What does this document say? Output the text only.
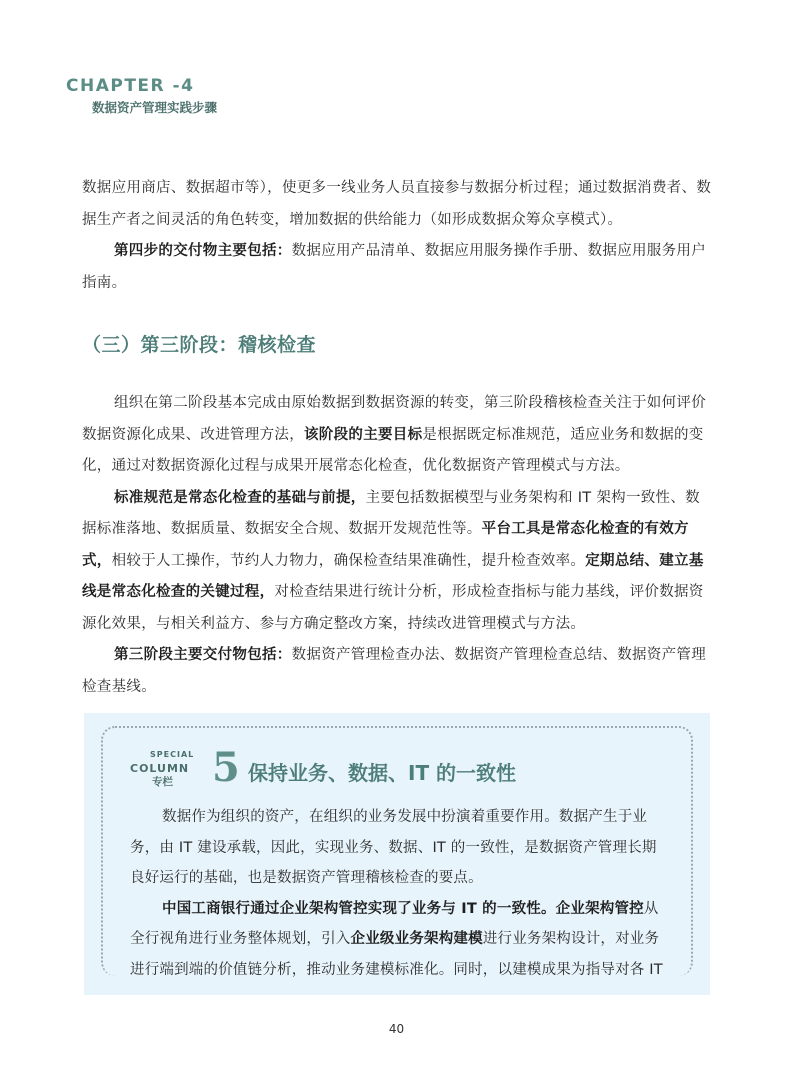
CHAPTER -4
数据资产管理实践步骤

数据应用商店、数据超市等），使更多一线业务人员直接参与数据分析过程；通过数据消费者、数据生产者之间灵活的角色转变，增加数据的供给能力（如形成数据众筹众享模式）。

第四步的交付物主要包括：数据应用产品清单、数据应用服务操作手册、数据应用服务用户指南。

（三）第三阶段：稽核检查

组织在第二阶段基本完成由原始数据到数据资源的转变，第三阶段稽核检查关注于如何评价数据资源化成果、改进管理方法，该阶段的主要目标是根据既定标准规范，适应业务和数据的变化，通过对数据资源化过程与成果开展常态化检查，优化数据资产管理模式与方法。

标准规范是常态化检查的基础与前提，主要包括数据模型与业务架构和 IT 架构一致性、数据标准落地、数据质量、数据安全合规、数据开发规范性等。平台工具是常态化检查的有效方式，相较于人工操作，节约人力物力，确保检查结果准确性，提升检查效率。定期总结、建立基线是常态化检查的关键过程，对检查结果进行统计分析，形成检查指标与能力基线，评价数据资源化效果，与相关利益方、参与方确定整改方案，持续改进管理模式与方法。

第三阶段主要交付物包括：数据资产管理检查办法、数据资产管理检查总结、数据资产管理检查基线。

SPECIAL
COLUMN
专栏 5 保持业务、数据、IT 的一致性

数据作为组织的资产，在组织的业务发展中扮演着重要作用。数据产生于业务，由 IT 建设承载，因此，实现业务、数据、IT 的一致性，是数据资产管理长期良好运行的基础，也是数据资产管理稽核检查的要点。

中国工商银行通过企业架构管控实现了业务与 IT 的一致性。企业架构管控从全行视角进行业务整体规划，引入企业级业务架构建模进行业务架构设计，对业务进行端到端的价值链分析，推动业务建模标准化。同时，以建模成果为指导对各 IT

40
